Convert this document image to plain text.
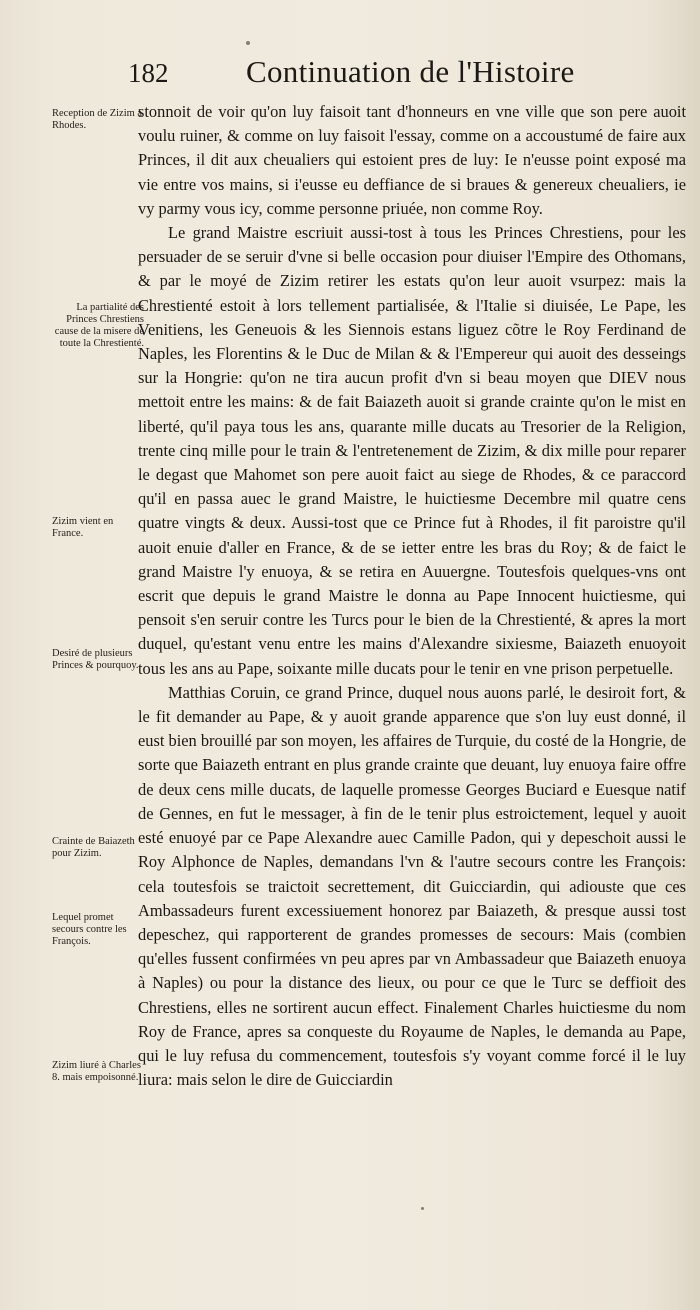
182	Continuation de l'Histoire
Reception de Zizim à Rhodes.
La partialité des Princes Chrestiens cause de la misere de toute la Chrestienté.
Zizim vient en France.
Desiré de plusieurs Princes & pourquoy.
Crainte de Baiazeth pour Zizim.
Lequel promet secours contre les François.
Zizim liuré à Charles 8. mais empoisonné.

stonnoit de voir qu'on luy faisoit tant d'honneurs en vne ville que son pere auoit voulu ruiner, & comme on luy faisoit l'essay, comme on a accoustumé de faire aux Princes, il dit aux cheualiers qui estoient pres de luy: Ie n'eusse point exposé ma vie entre vos mains, si i'eusse eu deffiance de si braues & genereux cheualiers, ie vy parmy vous icy, comme personne priuée, non comme Roy.

Le grand Maistre escriuit aussi-tost à tous les Princes Chrestiens, pour les persuader de se seruir d'vne si belle occasion pour diuiser l'Empire des Othomans, & par le moyé de Zizim retirer les estats qu'on leur auoit vsurpez: mais la Chrestienté estoit à lors tellement partialisée, & l'Italie si diuisée, Le Pape, les Venitiens, les Geneuois & les Siennois estans liguez cõtre le Roy Ferdinand de Naples, les Florentins & le Duc de Milan & & l'Empereur qui auoit des desseings sur la Hongrie: qu'on ne tira aucun profit d'vn si beau moyen que DIEV nous mettoit entre les mains: & de fait Baiazeth auoit si grande crainte qu'on le mist en liberté, qu'il paya tous les ans, quarante mille ducats au Tresorier de la Religion, trente cinq mille pour le train & l'entretenement de Zizim, & dix mille pour reparer le degast que Mahomet son pere auoit faict au siege de Rhodes, & ce paraccord qu'il en passa auec le grand Maistre, le huictiesme Decembre mil quatre cens quatre vingts & deux. Aussi-tost que ce Prince fut à Rhodes, il fit paroistre qu'il auoit enuie d'aller en France, & de se ietter entre les bras du Roy; & de faict le grand Maistre l'y enuoya, & se retira en Auuergne. Toutesfois quelques-vns ont escrit que depuis le grand Maistre le donna au Pape Innocent huictiesme, qui pensoit s'en seruir contre les Turcs pour le bien de la Chrestienté, & apres la mort duquel, qu'estant venu entre les mains d'Alexandre sixiesme, Baiazeth enuoyoit tous les ans au Pape, soixante mille ducats pour le tenir en vne prison perpetuelle.

Matthias Coruin, ce grand Prince, duquel nous auons parlé, le desiroit fort, & le fit demander au Pape, & y auoit grande apparence que s'on luy eust donné, il eust bien brouillé par son moyen, les affaires de Turquie, du costé de la Hongrie, de sorte que Baiazeth entrant en plus grande crainte que deuant, luy enuoya faire offre de deux cens mille ducats, de laquelle promesse Georges Buciard e Euesque natif de Gennes, en fut le messager, à fin de le tenir plus estroictement, lequel y auoit esté enuoyé par ce Pape Alexandre auec Camille Padon, qui y depeschoit aussi le Roy Alphonce de Naples, demandans l'vn & l'autre secours contre les François: cela toutesfois se traictoit secrettement, dit Guicciardin, qui adiouste que ces Ambassadeurs furent excessiuement honorez par Baiazeth, & presque aussi tost depeschez, qui rapporterent de grandes promesses de secours: Mais (combien qu'elles fussent confirmées vn peu apres par vn Ambassadeur que Baiazeth enuoya à Naples) ou pour la distance des lieux, ou pour ce que le Turc se deffioit des Chrestiens, elles ne sortirent aucun effect. Finalement Charles huictiesme du nom Roy de France, apres sa conqueste du Royaume de Naples, le demanda au Pape, qui le luy refusa du commencement, toutesfois s'y voyant comme forcé il le luy liura: mais selon le dire de Guicciardin
